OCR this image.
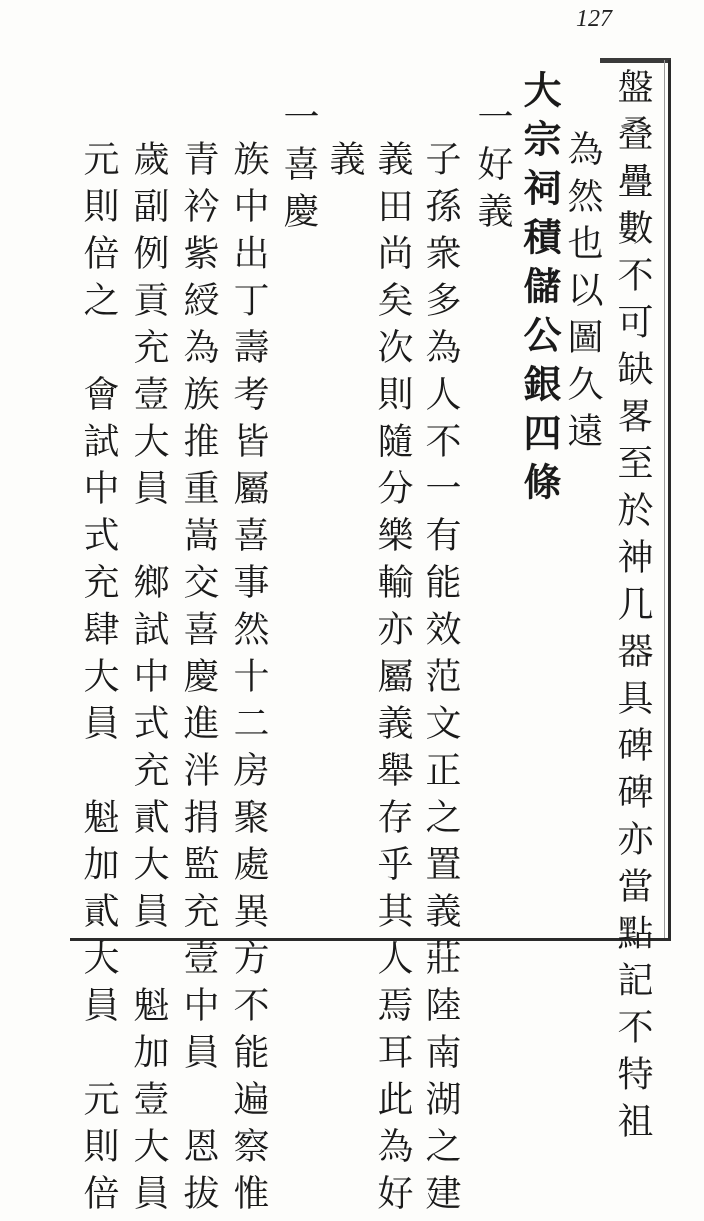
127
盤叠疊數不可缺畧至於神几器具碑碑亦當點記不特祖
為然也以圖久遠
大宗祠積儲公銀四條
一好義
子孫衆多為人不一有能效范文正之置義莊陸南湖之建
義田尚矣次則隨分樂輸亦屬義舉存乎其人焉耳此為好
義
一喜慶
族中出丁壽考皆屬喜事然十二房聚處異方不能遍察惟
青衿紫綬為族推重嵩交喜慶進泮捐監充壹中員　恩拔
歲副例貢充壹大員　鄉試中式充貳大員　魁加壹大員
元則倍之　會試中式充肆大員　魁加貳大員　元則倍
